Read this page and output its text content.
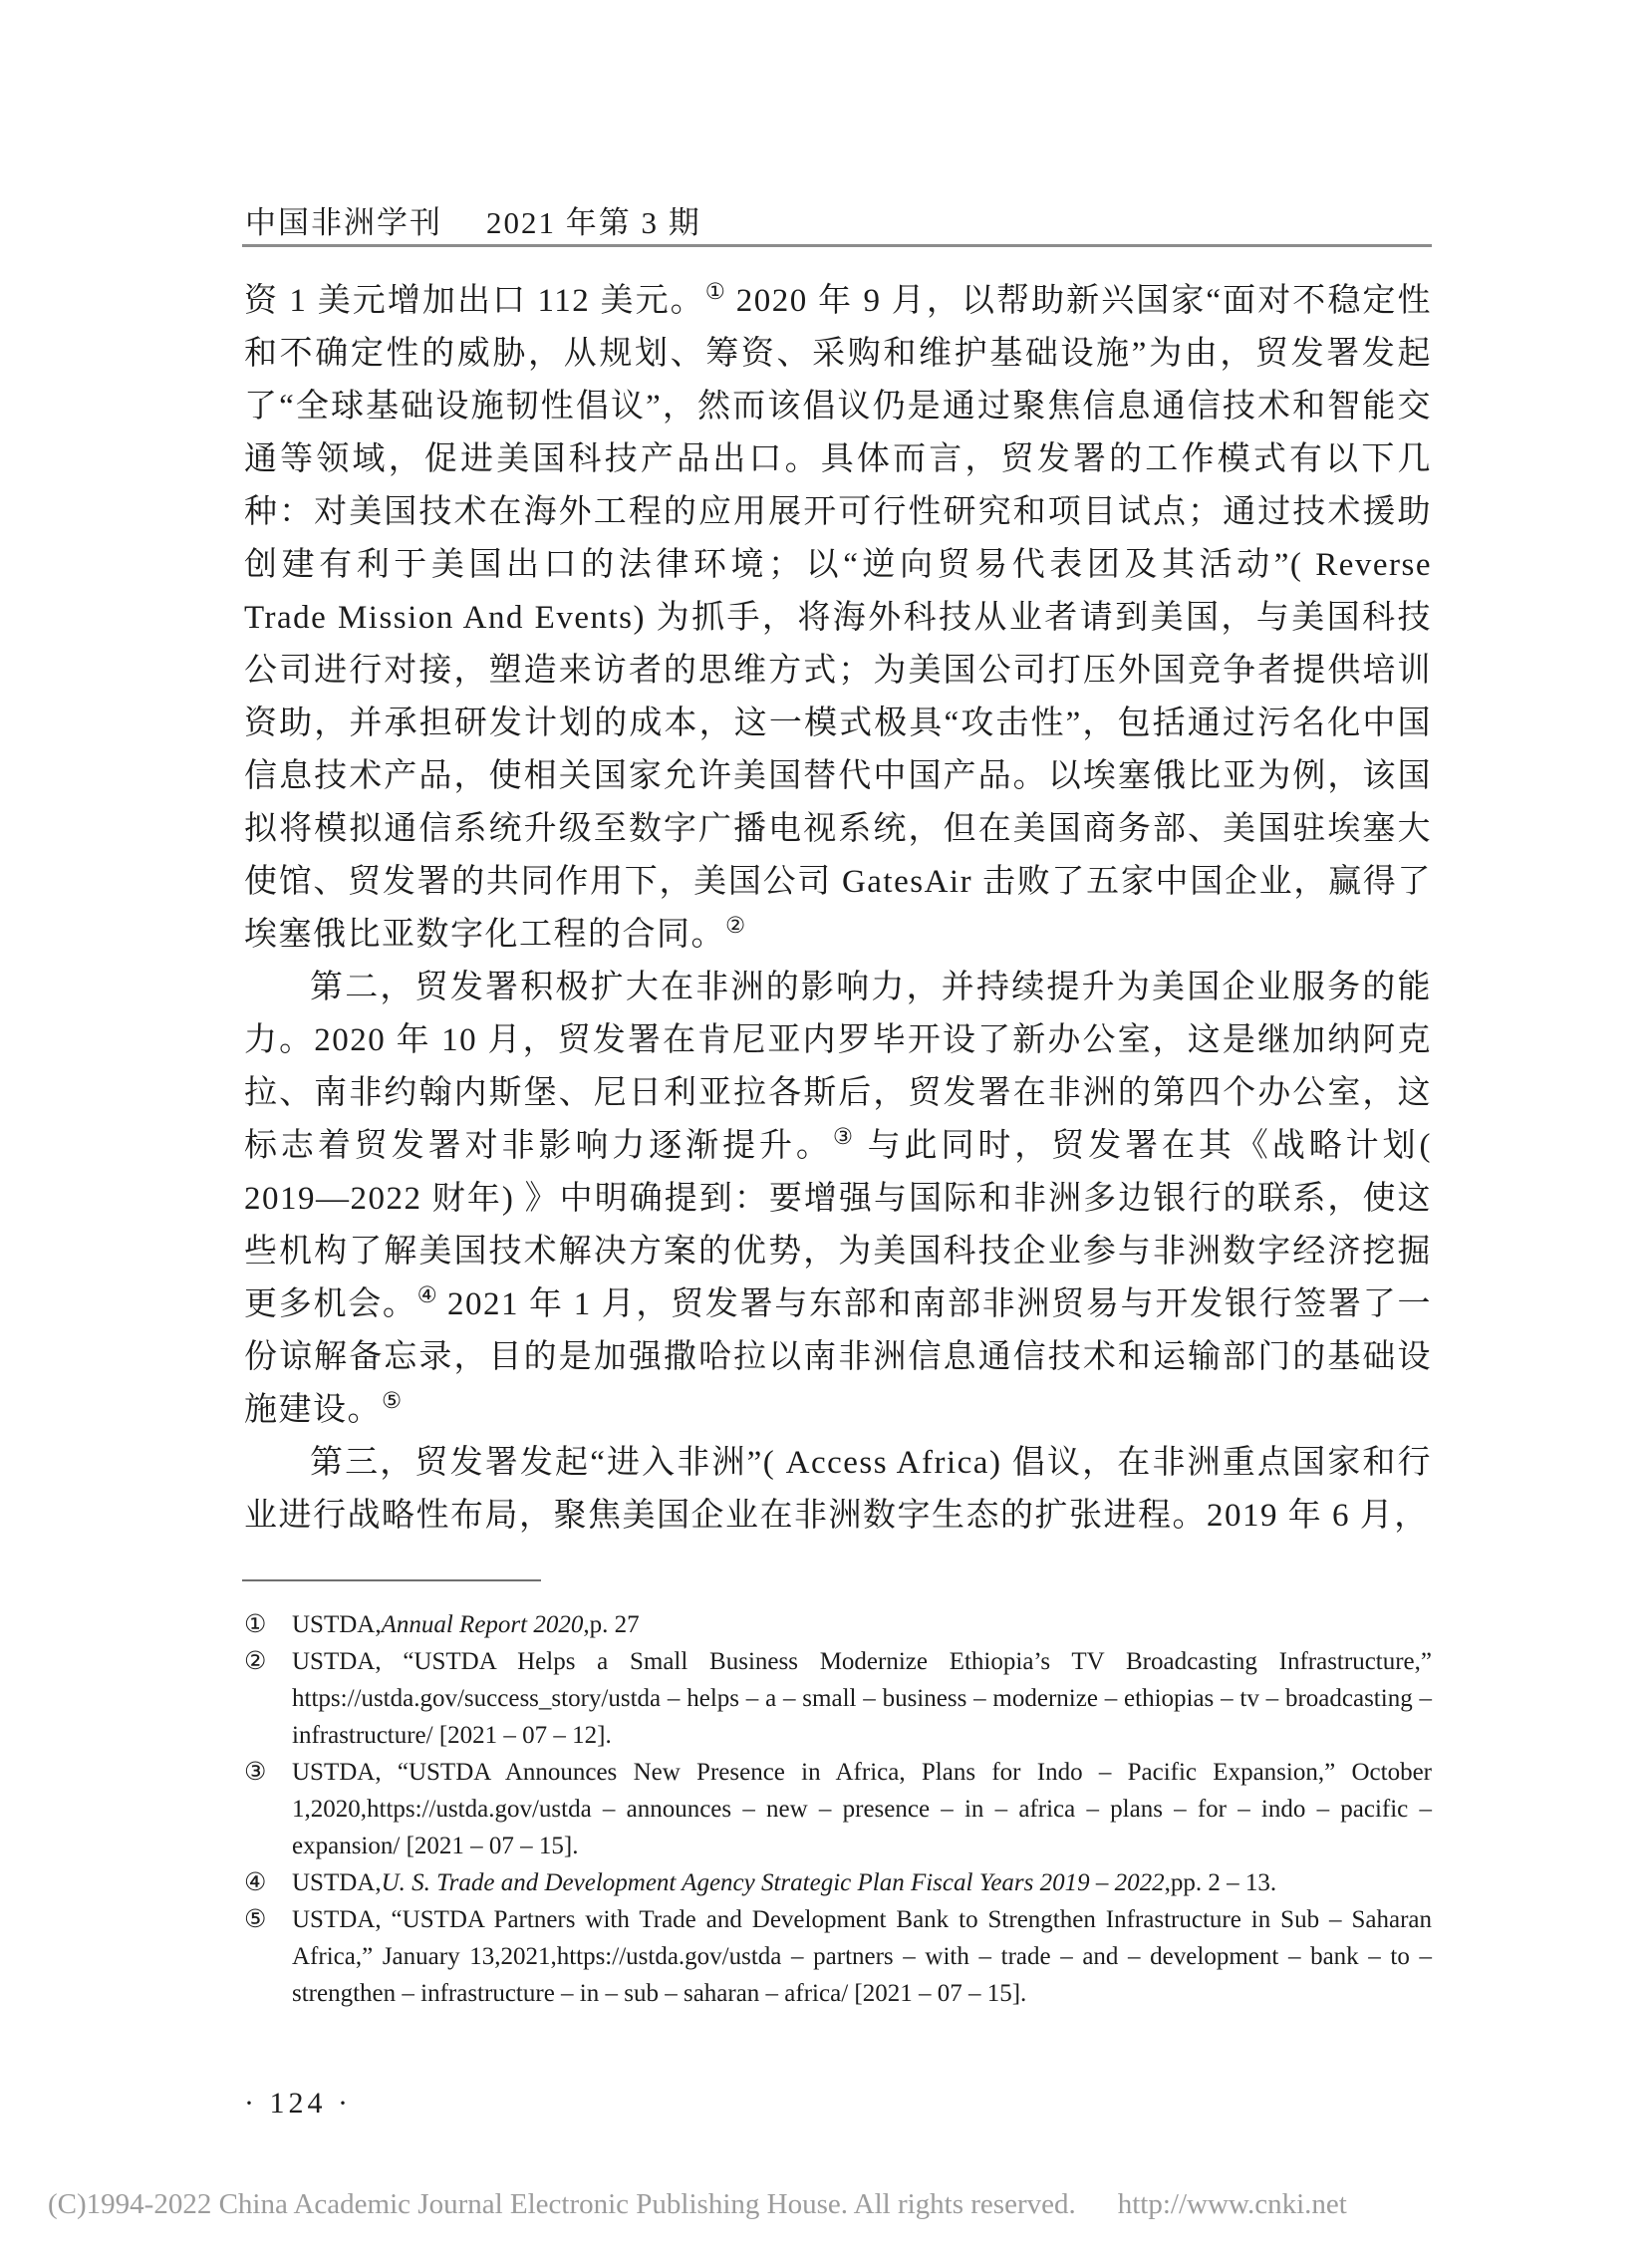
中国非洲学刊 2021 年第 3 期

资 1 美元增加出口 112 美元。① 2020 年 9 月，以帮助新兴国家“面对不稳定性和不确定性的威胁，从规划、筹资、采购和维护基础设施”为由，贸发署发起了“全球基础设施韧性倡议”，然而该倡议仍是通过聚焦信息通信技术和智能交通等领域，促进美国科技产品出口。具体而言，贸发署的工作模式有以下几种：对美国技术在海外工程的应用展开可行性研究和项目试点；通过技术援助创建有利于美国出口的法律环境；以“逆向贸易代表团及其活动”( Reverse Trade Mission And Events) 为抓手，将海外科技从业者请到美国，与美国科技公司进行对接，塑造来访者的思维方式；为美国公司打压外国竞争者提供培训资助，并承担研发计划的成本，这一模式极具“攻击性”，包括通过污名化中国信息技术产品，使相关国家允许美国替代中国产品。以埃塞俄比亚为例，该国拟将模拟通信系统升级至数字广播电视系统，但在美国商务部、美国驻埃塞大使馆、贸发署的共同作用下，美国公司 GatesAir 击败了五家中国企业，赢得了埃塞俄比亚数字化工程的合同。②

第二，贸发署积极扩大在非洲的影响力，并持续提升为美国企业服务的能力。2020 年 10 月，贸发署在肯尼亚内罗毕开设了新办公室，这是继加纳阿克拉、南非约翰内斯堡、尼日利亚拉各斯后，贸发署在非洲的第四个办公室，这标志着贸发署对非影响力逐渐提升。③ 与此同时，贸发署在其《战略计划( 2019—2022 财年) 》中明确提到：要增强与国际和非洲多边银行的联系，使这些机构了解美国技术解决方案的优势，为美国科技企业参与非洲数字经济挖掘更多机会。④ 2021 年 1 月，贸发署与东部和南部非洲贸易与开发银行签署了一份谅解备忘录，目的是加强撒哈拉以南非洲信息通信技术和运输部门的基础设施建设。⑤

第三，贸发署发起“进入非洲”( Access Africa) 倡议，在非洲重点国家和行业进行战略性布局，聚焦美国企业在非洲数字生态的扩张进程。2019 年 6 月，

①	USTDA,Annual Report 2020,p. 27
②	USTDA, “USTDA Helps a Small Business Modernize Ethiopia’s TV Broadcasting Infrastructure,” https://ustda.gov/success_story/ustda – helps – a – small – business – modernize – ethiopias – tv – broadcasting – infrastructure/ [2021 – 07 – 12].
③	USTDA, “USTDA Announces New Presence in Africa, Plans for Indo – Pacific Expansion,” October 1,2020,https://ustda.gov/ustda – announces – new – presence – in – africa – plans – for – indo – pacific – expansion/ [2021 – 07 – 15].
④	USTDA,U. S. Trade and Development Agency Strategic Plan Fiscal Years 2019 – 2022,pp. 2 – 13.
⑤	USTDA, “USTDA Partners with Trade and Development Bank to Strengthen Infrastructure in Sub – Saharan Africa,” January 13,2021,https://ustda.gov/ustda – partners – with – trade – and – development – bank – to – strengthen – infrastructure – in – sub – saharan – africa/ [2021 – 07 – 15].
· 124 ·
(C)1994-2022 China Academic Journal Electronic Publishing House. All rights reserved. http://www.cnki.net
